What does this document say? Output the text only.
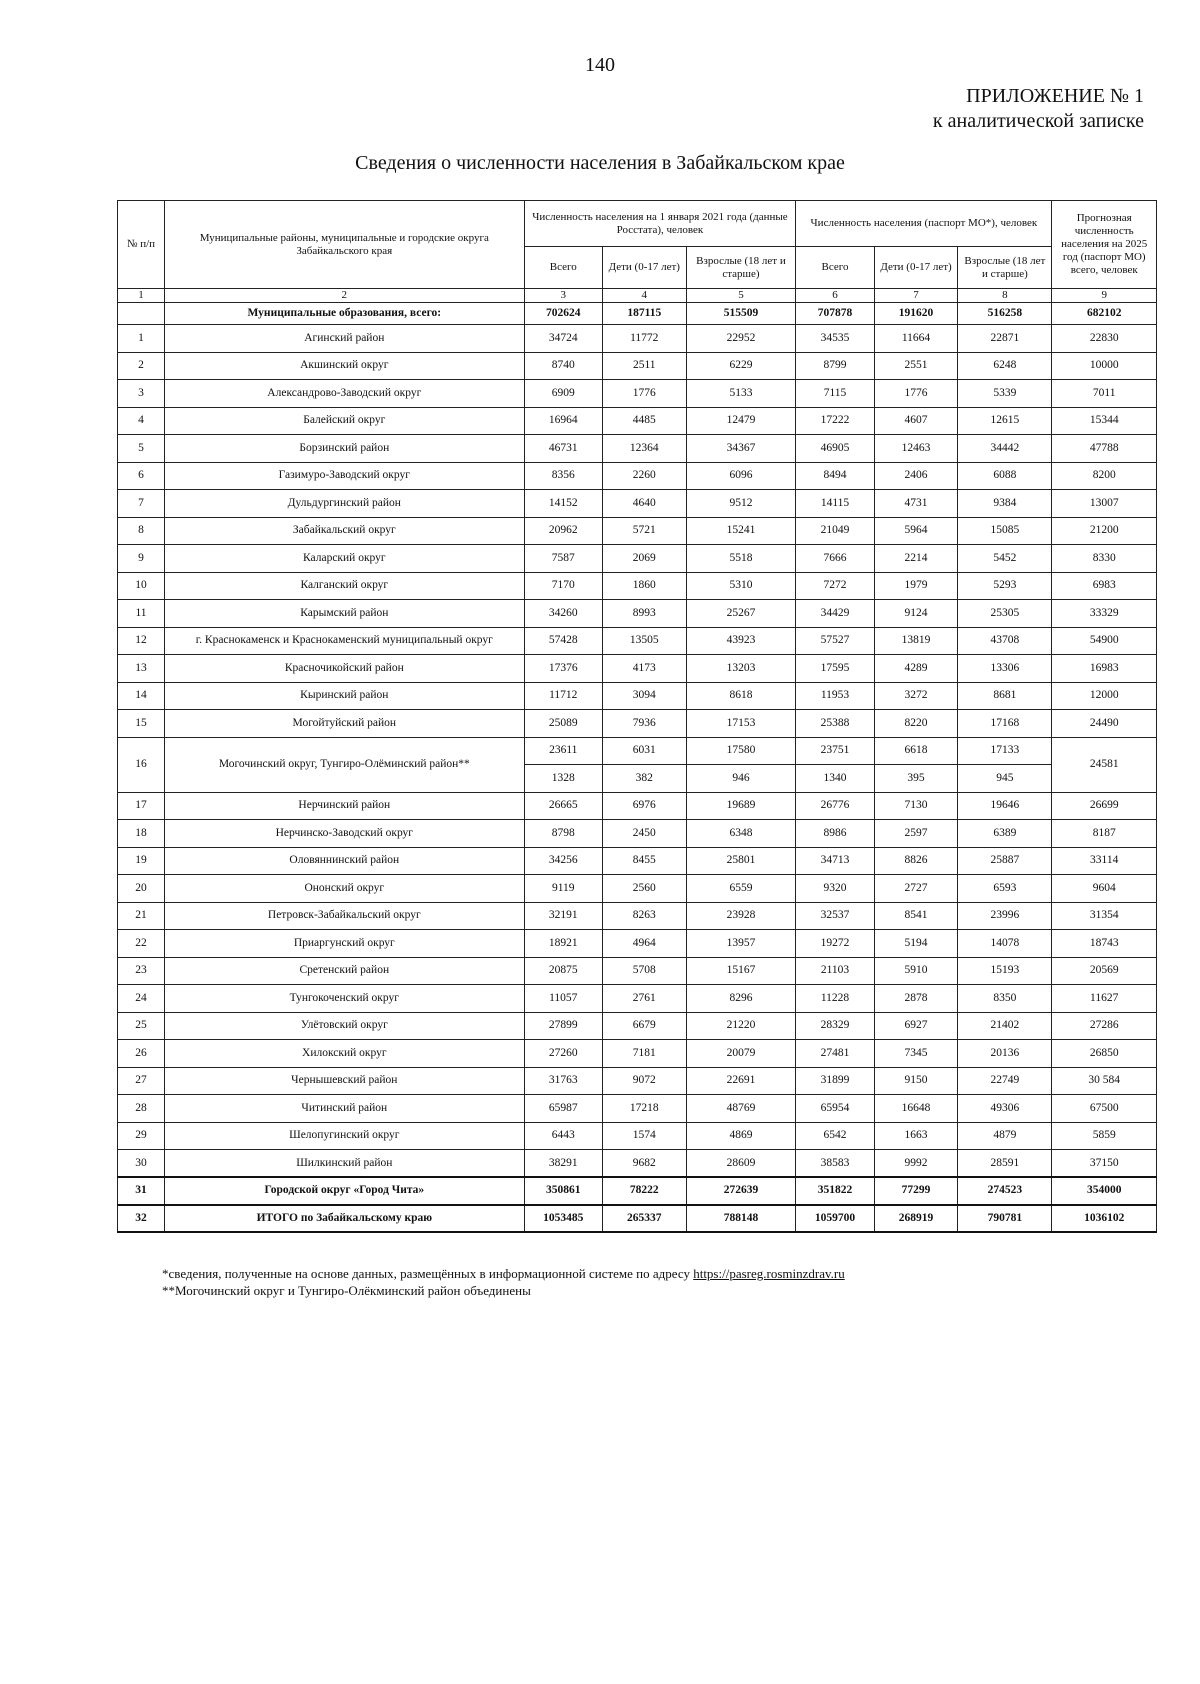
140
ПРИЛОЖЕНИЕ № 1
к аналитической записке
Сведения о численности населения в Забайкальском крае
№ п/п	Муниципальные районы, муниципальные и городские округа Забайкальского края	Численность населения на 1 января 2021 года (данные Росстата), человек			Численность населения (паспорт МО*), человек			Прогнозная численность населения на 2025 год (паспорт МО) всего, человек
		Всего	Дети (0-17 лет)	Взрослые (18 лет и старше)	Всего	Дети (0-17 лет)	Взрослые (18 лет и старше)	
1	2	3	4	5	6	7	8	9
	Муниципальные образования, всего:	702624	187115	515509	707878	191620	516258	682102
1	Агинский район	34724	11772	22952	34535	11664	22871	22830
2	Акшинский округ	8740	2511	6229	8799	2551	6248	10000
3	Александрово-Заводский округ	6909	1776	5133	7115	1776	5339	7011
4	Балейский округ	16964	4485	12479	17222	4607	12615	15344
5	Борзинский район	46731	12364	34367	46905	12463	34442	47788
6	Газимуро-Заводский округ	8356	2260	6096	8494	2406	6088	8200
7	Дульдургинский район	14152	4640	9512	14115	4731	9384	13007
8	Забайкальский округ	20962	5721	15241	21049	5964	15085	21200
9	Каларский округ	7587	2069	5518	7666	2214	5452	8330
10	Калганский округ	7170	1860	5310	7272	1979	5293	6983
11	Карымский район	34260	8993	25267	34429	9124	25305	33329
12	г. Краснокаменск и Краснокаменский муниципальный округ	57428	13505	43923	57527	13819	43708	54900
13	Красночикойский район	17376	4173	13203	17595	4289	13306	16983
14	Кыринский район	11712	3094	8618	11953	3272	8681	12000
15	Могойтуйский район	25089	7936	17153	25388	8220	17168	24490
16	Могочинский округ, Тунгиро-Олёминский район**	23611	6031	17580	23751	6618	17133	24581
		1328	382	946	1340	395	945	
17	Нерчинский район	26665	6976	19689	26776	7130	19646	26699
18	Нерчинско-Заводский округ	8798	2450	6348	8986	2597	6389	8187
19	Оловяннинский район	34256	8455	25801	34713	8826	25887	33114
20	Ононский округ	9119	2560	6559	9320	2727	6593	9604
21	Петровск-Забайкальский округ	32191	8263	23928	32537	8541	23996	31354
22	Приаргунский округ	18921	4964	13957	19272	5194	14078	18743
23	Сретенский район	20875	5708	15167	21103	5910	15193	20569
24	Тунгокоченский округ	11057	2761	8296	11228	2878	8350	11627
25	Улётовский округ	27899	6679	21220	28329	6927	21402	27286
26	Хилокский округ	27260	7181	20079	27481	7345	20136	26850
27	Чернышевский район	31763	9072	22691	31899	9150	22749	30 584
28	Читинский район	65987	17218	48769	65954	16648	49306	67500
29	Шелопугинский округ	6443	1574	4869	6542	1663	4879	5859
30	Шилкинский район	38291	9682	28609	38583	9992	28591	37150
31	Городской округ «Город Чита»	350861	78222	272639	351822	77299	274523	354000
32	ИТОГО по Забайкальскому краю	1053485	265337	788148	1059700	268919	790781	1036102
*сведения, полученные на основе данных, размещённых в информационной системе по адресу https://pasreg.rosminzdrav.ru
**Могочинский округ и Тунгиро-Олёкминский район объединены
